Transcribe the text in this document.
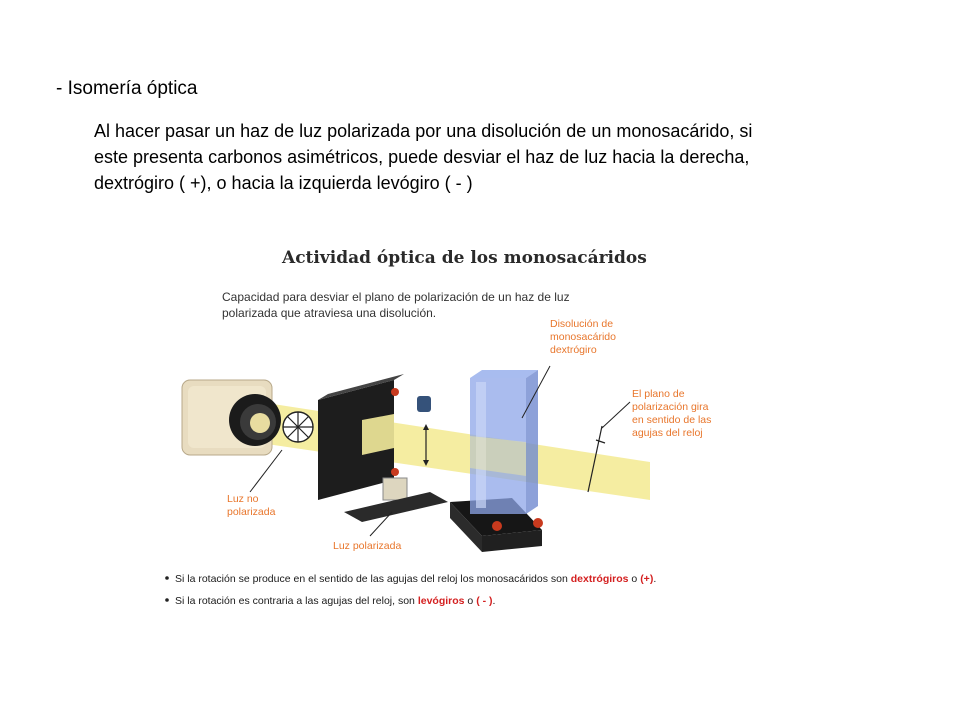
- Isomería óptica

Al hacer pasar un haz de luz polarizada por una disolución de un monosacárido, si

este presenta carbonos asimétricos, puede desviar el haz de luz hacia la derecha,

dextrógiro ( +), o hacia la izquierda levógiro ( - )

Actividad óptica de los monosacáridos
Capacidad para desviar el plano de polarización de un haz de luz
polarizada que atraviesa una disolución.
Disolución de
monosacárido
dextrógiro
El plano de
polarización gira
en sentido de las
agujas del reloj
Luz no
polarizada
Luz polarizada
Si la rotación se produce en el sentido de las agujas del reloj los monosacáridos son dextrógiros o (+).
Si la rotación es contraria a las agujas del reloj, son levógiros o ( - ).
